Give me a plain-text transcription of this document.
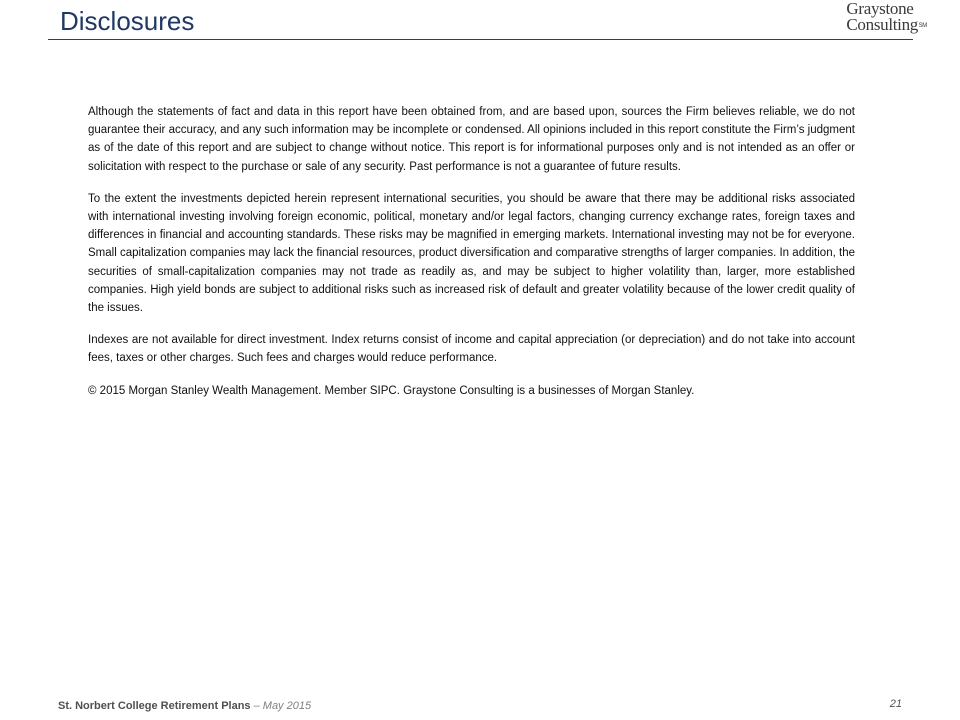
Disclosures	Graystone
Consulting SM

Although the statements of fact and data in this report have been obtained from, and are based upon, sources the Firm believes reliable, we do not guarantee their accuracy, and any such information may be incomplete or condensed. All opinions included in this report constitute the Firm’s judgment as of the date of this report and are subject to change without notice. This report is for informational purposes only and is not intended as an offer or solicitation with respect to the purchase or sale of any security. Past performance is not a guarantee of future results.

To the extent the investments depicted herein represent international securities, you should be aware that there may be additional risks associated with international investing involving foreign economic, political, monetary and/or legal factors, changing currency exchange rates, foreign taxes and differences in financial and accounting standards. These risks may be magnified in emerging markets. International investing may not be for everyone. Small capitalization companies may lack the financial resources, product diversification and comparative strengths of larger companies. In addition, the securities of small-capitalization companies may not trade as readily as, and may be subject to higher volatility than, larger, more established companies. High yield bonds are subject to additional risks such as increased risk of default and greater volatility because of the lower credit quality of the issues.

Indexes are not available for direct investment. Index returns consist of income and capital appreciation (or depreciation) and do not take into account fees, taxes or other charges. Such fees and charges would reduce performance.

© 2015 Morgan Stanley Wealth Management. Member SIPC. Graystone Consulting is a businesses of Morgan Stanley.

St. Norbert College Retirement Plans – May 2015	21
